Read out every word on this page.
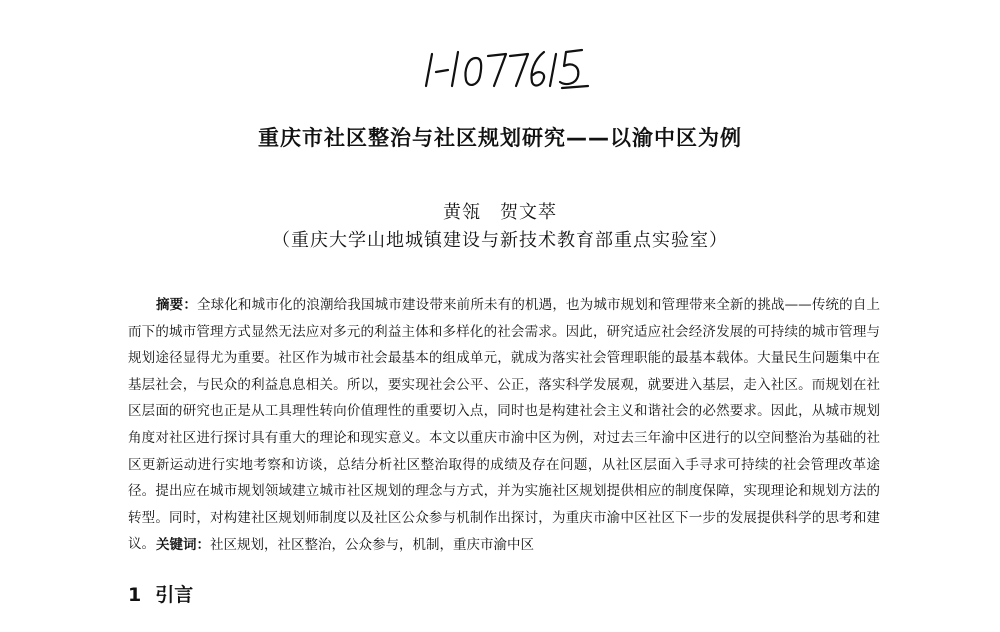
重庆市社区整治与社区规划研究——以渝中区为例
黄瓴　贺文萃
（重庆大学山地城镇建设与新技术教育部重点实验室）

摘要：全球化和城市化的浪潮给我国城市建设带来前所未有的机遇，也为城市规划和管理带来全新的挑战——传统的自上而下的城市管理方式显然无法应对多元的利益主体和多样化的社会需求。因此，研究适应社会经济发展的可持续的城市管理与规划途径显得尤为重要。社区作为城市社会最基本的组成单元，就成为落实社会管理职能的最基本载体。大量民生问题集中在基层社会，与民众的利益息息相关。所以，要实现社会公平、公正，落实科学发展观，就要进入基层，走入社区。而规划在社区层面的研究也正是从工具理性转向价值理性的重要切入点，同时也是构建社会主义和谐社会的必然要求。因此，从城市规划角度对社区进行探讨具有重大的理论和现实意义。本文以重庆市渝中区为例，对过去三年渝中区进行的以空间整治为基础的社区更新运动进行实地考察和访谈，总结分析社区整治取得的成绩及存在问题，从社区层面入手寻求可持续的社会管理改革途径。提出应在城市规划领域建立城市社区规划的理念与方式，并为实施社区规划提供相应的制度保障，实现理论和规划方法的转型。同时，对构建社区规划师制度以及社区公众参与机制作出探讨，为重庆市渝中区社区下一步的发展提供科学的思考和建议。 关键词：社区规划，社区整治，公众参与，机制，重庆市渝中区

1 引言
